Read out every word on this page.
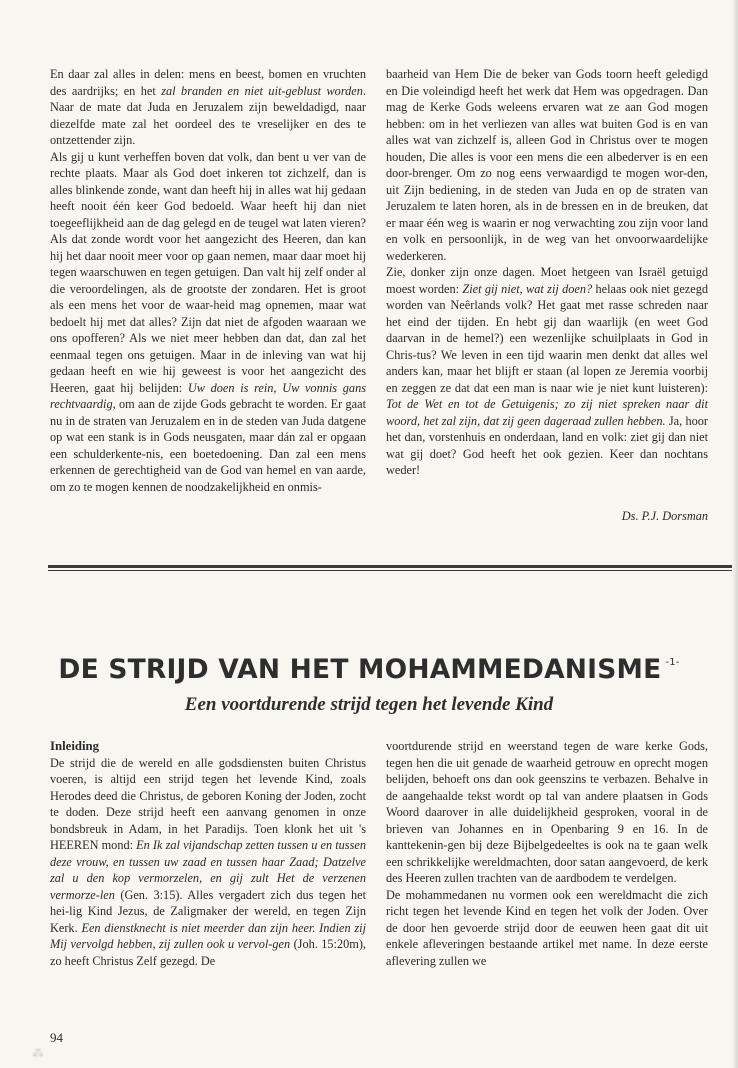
En daar zal alles in delen: mens en beest, bomen en vruchten des aardrijks; en het zal branden en niet uit-geblust worden. Naar de mate dat Juda en Jeruzalem zijn beweldadigd, naar diezelfde mate zal het oordeel des te vreselijker en des te ontzettender zijn.

Als gij u kunt verheffen boven dat volk, dan bent u ver van de rechte plaats. Maar als God doet inkeren tot zichzelf, dan is alles blinkende zonde, want dan heeft hij in alles wat hij gedaan heeft nooit één keer God bedoeld. Waar heeft hij dan niet toegeeflijkheid aan de dag gelegd en de teugel wat laten vieren? Als dat zonde wordt voor het aangezicht des Heeren, dan kan hij het daar nooit meer voor op gaan nemen, maar daar moet hij tegen waarschuwen en tegen getuigen. Dan valt hij zelf onder al die veroordelingen, als de grootste der zondaren. Het is groot als een mens het voor de waar-heid mag opnemen, maar wat bedoelt hij met dat alles? Zijn dat niet de afgoden waaraan we ons opofferen? Als we niet meer hebben dan dat, dan zal het eenmaal tegen ons getuigen. Maar in de inleving van wat hij gedaan heeft en wie hij geweest is voor het aangezicht des Heeren, gaat hij belijden: Uw doen is rein, Uw vonnis gans rechtvaardig, om aan de zijde Gods gebracht te worden. Er gaat nu in de straten van Jeruzalem en in de steden van Juda datgene op wat een stank is in Gods neusgaten, maar dán zal er opgaan een schulderkente-nis, een boetedoening. Dan zal een mens erkennen de gerechtigheid van de God van hemel en van aarde, om zo te mogen kennen de noodzakelijkheid en onmis-

baarheid van Hem Die de beker van Gods toorn heeft geledigd en Die voleindigd heeft het werk dat Hem was opgedragen. Dan mag de Kerke Gods weleens ervaren wat ze aan God mogen hebben: om in het verliezen van alles wat buiten God is en van alles wat van zichzelf is, alleen God in Christus over te mogen houden, Die alles is voor een mens die een albederver is en een door-brenger. Om zo nog eens verwaardigd te mogen wor-den, uit Zijn bediening, in de steden van Juda en op de straten van Jeruzalem te laten horen, als in de bressen en in de breuken, dat er maar één weg is waarin er nog verwachting zou zijn voor land en volk en persoonlijk, in de weg van het onvoorwaardelijke wederkeren.

Zie, donker zijn onze dagen. Moet hetgeen van Israël getuigd moest worden: Ziet gij niet, wat zij doen? helaas ook niet gezegd worden van Neêrlands volk? Het gaat met rasse schreden naar het eind der tijden. En hebt gij dan waarlijk (en weet God daarvan in de hemel?) een wezenlijke schuilplaats in God in Chris-tus? We leven in een tijd waarin men denkt dat alles wel anders kan, maar het blijft er staan (al lopen ze Jeremia voorbij en zeggen ze dat dat een man is naar wie je niet kunt luisteren): Tot de Wet en tot de Getuigenis; zo zij niet spreken naar dit woord, het zal zijn, dat zij geen dageraad zullen hebben. Ja, hoor het dan, vorstenhuis en onderdaan, land en volk: ziet gij dan niet wat gij doet? God heeft het ook gezien. Keer dan nochtans weder!

Ds. P.J. Dorsman
DE STRIJD VAN HET MOHAMMEDANISME $^{-1-}$
Een voortdurende strijd tegen het levende Kind

Inleiding

De strijd die de wereld en alle godsdiensten buiten Christus voeren, is altijd een strijd tegen het levende Kind, zoals Herodes deed die Christus, de geboren Koning der Joden, zocht te doden. Deze strijd heeft een aanvang genomen in onze bondsbreuk in Adam, in het Paradijs. Toen klonk het uit 's HEEREN mond: En Ik zal vijandschap zetten tussen u en tussen deze vrouw, en tussen uw zaad en tussen haar Zaad; Datzelve zal u den kop vermorzelen, en gij zult Het de verzenen vermorze-len (Gen. 3:15). Alles vergadert zich dus tegen het hei-lig Kind Jezus, de Zaligmaker der wereld, en tegen Zijn Kerk. Een dienstknecht is niet meerder dan zijn heer. Indien zij Mij vervolgd hebben, zij zullen ook u vervol-gen (Joh. 15:20m), zo heeft Christus Zelf gezegd. De

voortdurende strijd en weerstand tegen de ware kerke Gods, tegen hen die uit genade de waarheid getrouw en oprecht mogen belijden, behoeft ons dan ook geenszins te verbazen. Behalve in de aangehaalde tekst wordt op tal van andere plaatsen in Gods Woord daarover in alle duidelijkheid gesproken, vooral in de brieven van Johannes en in Openbaring 9 en 16. In de kanttekenin-gen bij deze Bijbelgedeeltes is ook na te gaan welk een schrikkelijke wereldmachten, door satan aangevoerd, de kerk des Heeren zullen trachten van de aardbodem te verdelgen.

De mohammedanen nu vormen ook een wereldmacht die zich richt tegen het levende Kind en tegen het volk der Joden. Over de door hen gevoerde strijd door de eeuwen heen gaat dit uit enkele afleveringen bestaande artikel met name. In deze eerste aflevering zullen we

94
⁂
